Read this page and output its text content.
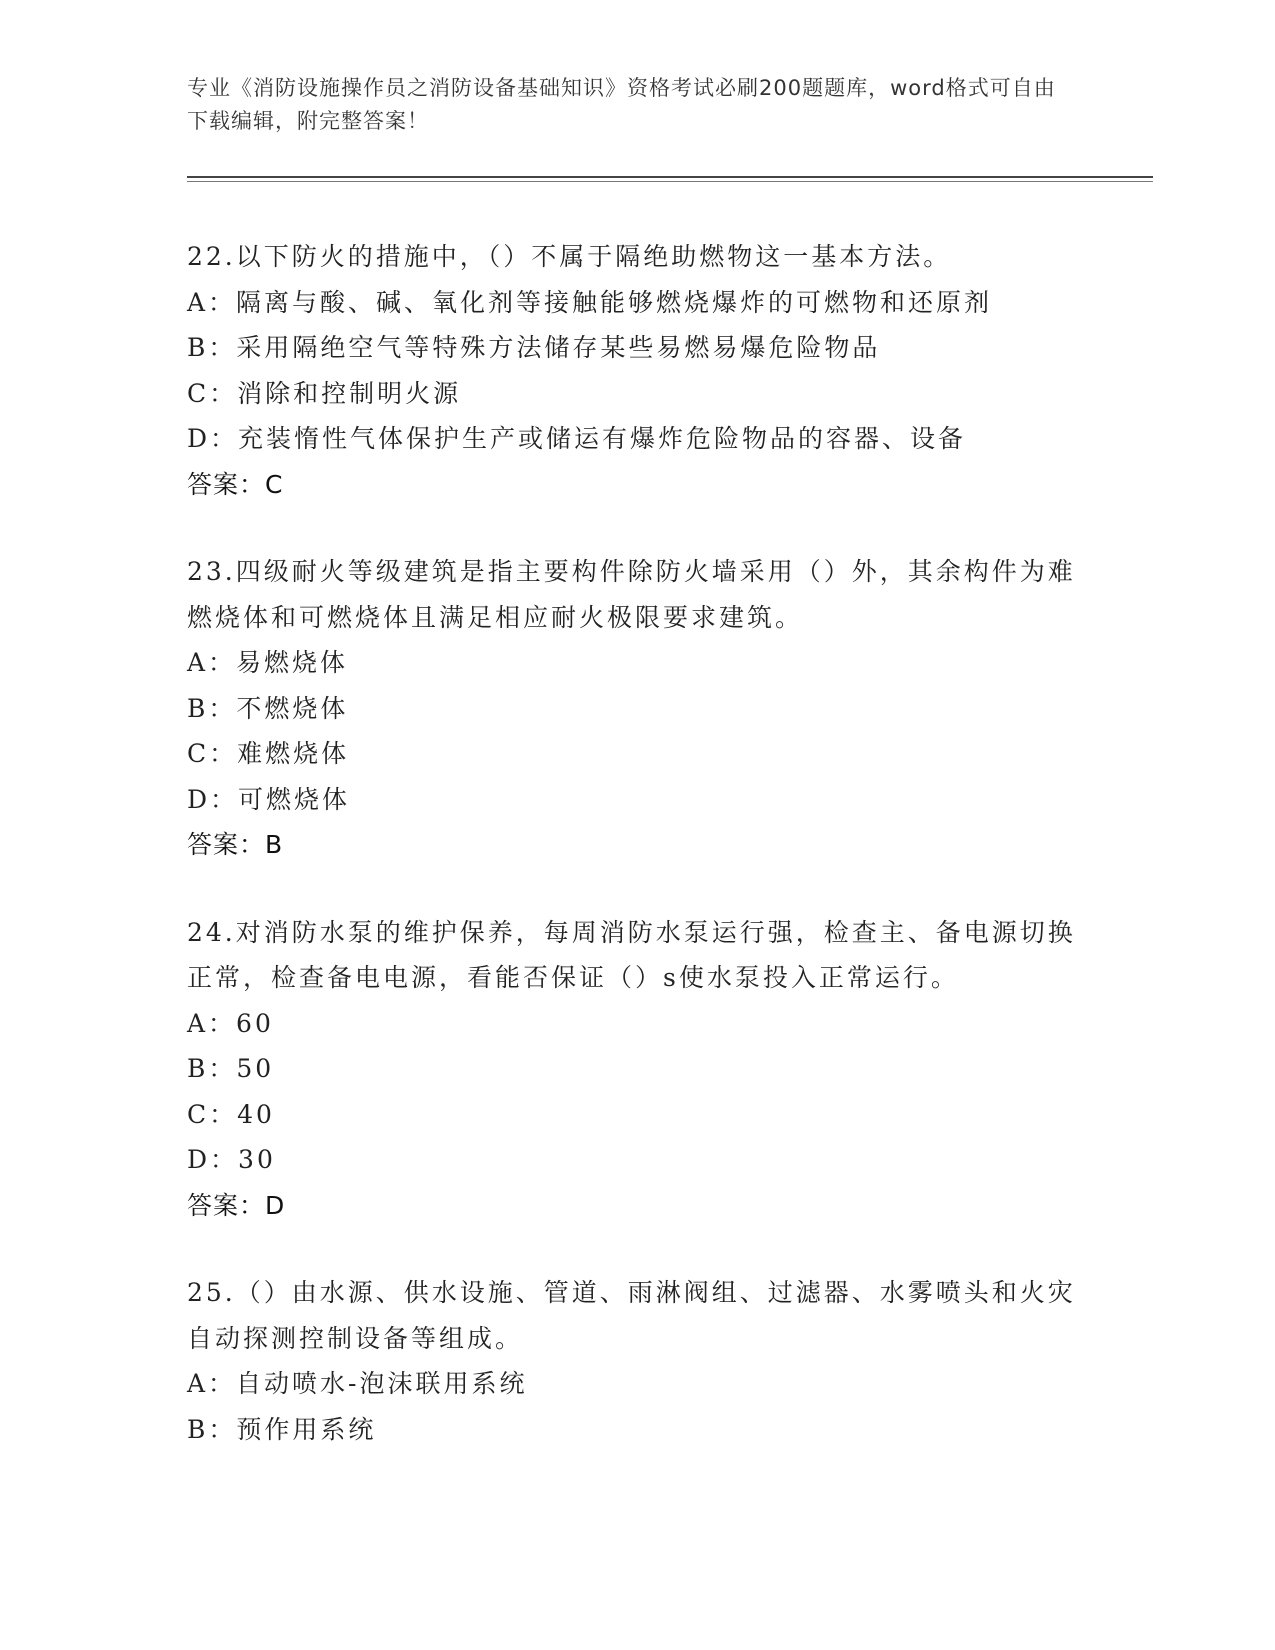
专业《消防设施操作员之消防设备基础知识》资格考试必刷200题题库，word格式可自由下载编辑，附完整答案！
22.以下防火的措施中，（）不属于隔绝助燃物这一基本方法。
A：隔离与酸、碱、氧化剂等接触能够燃烧爆炸的可燃物和还原剂
B：采用隔绝空气等特殊方法储存某些易燃易爆危险物品
C：消除和控制明火源
D：充装惰性气体保护生产或储运有爆炸危险物品的容器、设备
答案：C
23.四级耐火等级建筑是指主要构件除防火墙采用（）外，其余构件为难燃烧体和可燃烧体且满足相应耐火极限要求建筑。
A：易燃烧体
B：不燃烧体
C：难燃烧体
D：可燃烧体
答案：B
24.对消防水泵的维护保养，每周消防水泵运行强，检查主、备电源切换正常，检查备电电源，看能否保证（）s使水泵投入正常运行。
A：60
B：50
C：40
D：30
答案：D
25.（）由水源、供水设施、管道、雨淋阀组、过滤器、水雾喷头和火灾自动探测控制设备等组成。
A：自动喷水-泡沫联用系统
B：预作用系统
